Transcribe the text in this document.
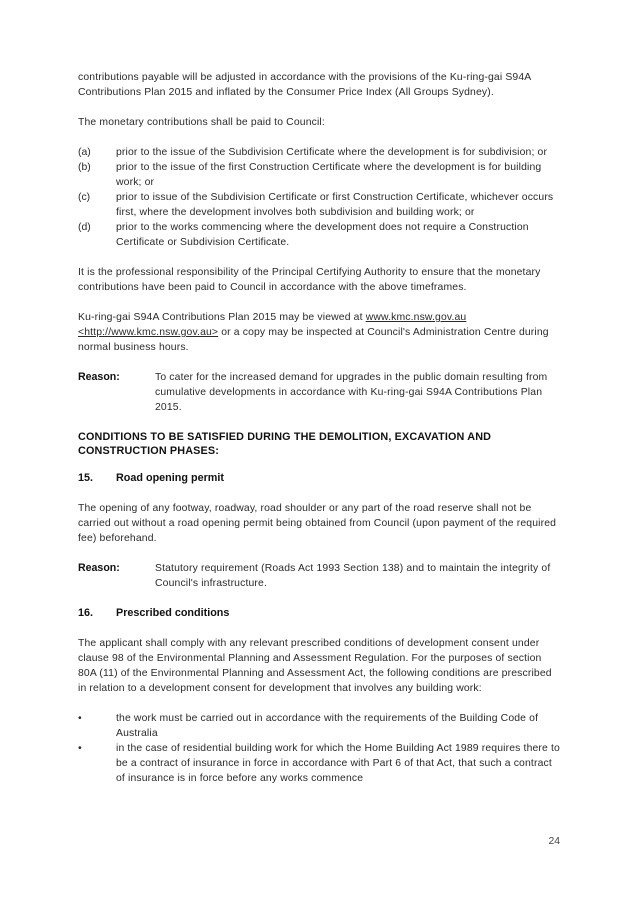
contributions payable will be adjusted in accordance with the provisions of the Ku-ring-gai S94A Contributions Plan 2015 and inflated by the Consumer Price Index (All Groups Sydney).

The monetary contributions shall be paid to Council:

(a)	prior to the issue of the Subdivision Certificate where the development is for subdivision; or
(b)	prior to the issue of the first Construction Certificate where the development is for building work; or
(c)	prior to issue of the Subdivision Certificate or first Construction Certificate, whichever occurs first, where the development involves both subdivision and building work; or
(d)	prior to the works commencing where the development does not require a Construction Certificate or Subdivision Certificate.

It is the professional responsibility of the Principal Certifying Authority to ensure that the monetary contributions have been paid to Council in accordance with the above timeframes.

Ku-ring-gai S94A Contributions Plan 2015 may be viewed at www.kmc.nsw.gov.au
<http://www.kmc.nsw.gov.au> or a copy may be inspected at Council's Administration Centre during normal business hours.

Reason:	To cater for the increased demand for upgrades in the public domain resulting from cumulative developments in accordance with Ku-ring-gai S94A Contributions Plan 2015.

CONDITIONS TO BE SATISFIED DURING THE DEMOLITION, EXCAVATION AND CONSTRUCTION PHASES:

15.	Road opening permit

The opening of any footway, roadway, road shoulder or any part of the road reserve shall not be carried out without a road opening permit being obtained from Council (upon payment of the required fee) beforehand.

Reason:	Statutory requirement (Roads Act 1993 Section 138) and to maintain the integrity of Council's infrastructure.
16.	Prescribed conditions

The applicant shall comply with any relevant prescribed conditions of development consent under clause 98 of the Environmental Planning and Assessment Regulation. For the purposes of section 80A (11) of the Environmental Planning and Assessment Act, the following conditions are prescribed in relation to a development consent for development that involves any building work:

•	the work must be carried out in accordance with the requirements of the Building Code of Australia
•	in the case of residential building work for which the Home Building Act 1989 requires there to be a contract of insurance in force in accordance with Part 6 of that Act, that such a contract of insurance is in force before any works commence
24
